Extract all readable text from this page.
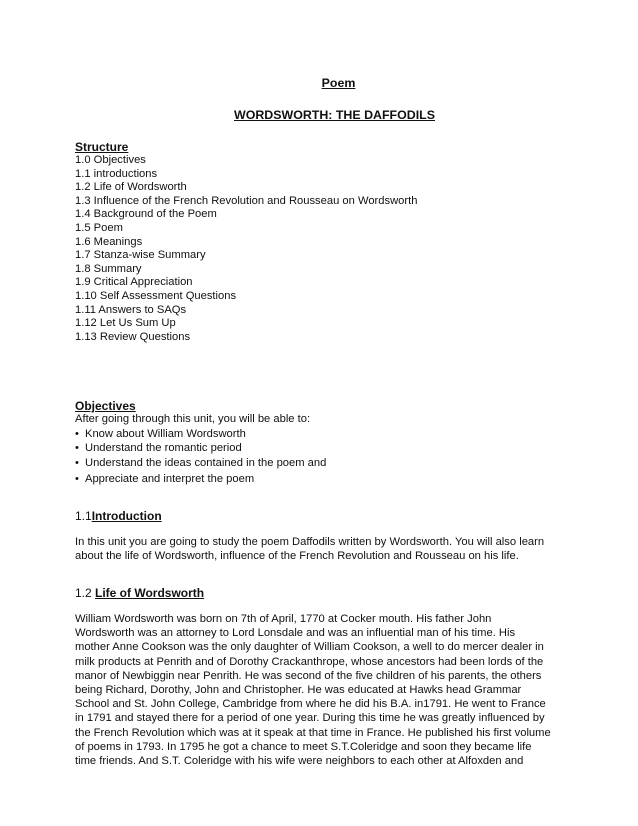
Poem

WORDSWORTH: THE DAFFODILS

Structure

1.0 Objectives
1.1 introductions
1.2 Life of Wordsworth
1.3 Influence of the French Revolution and Rousseau on Wordsworth
1.4 Background of the Poem
1.5 Poem
1.6 Meanings
1.7 Stanza-wise Summary
1.8 Summary
1.9 Critical Appreciation
1.10 Self Assessment Questions
1.11 Answers to SAQs
1.12 Let Us Sum Up
1.13 Review Questions

Objectives

After going through this unit, you will be able to:

• Know about William Wordsworth
• Understand the romantic period
• Understand the ideas contained in the poem and
• Appreciate and interpret the poem

1.1Introduction

In this unit you are going to study the poem Daffodils written by Wordsworth. You will also learn

about the life of Wordsworth, influence of the French Revolution and Rousseau on his life.

1.2 Life of Wordsworth

William Wordsworth was born on 7th of April, 1770 at Cocker mouth. His father John

Wordsworth was an attorney to Lord Lonsdale and was an influential man of his time. His

mother Anne Cookson was the only daughter of William Cookson, a well to do mercer dealer in

milk products at Penrith and of Dorothy Crackanthrope, whose ancestors had been lords of the

manor of Newbiggin near Penrith. He was second of the five children of his parents, the others

being Richard, Dorothy, John and Christopher. He was educated at Hawks head Grammar

School and St. John College, Cambridge from where he did his B.A. in1791. He went to France

in 1791 and stayed there for a period of one year. During this time he was greatly influenced by

the French Revolution which was at it speak at that time in France. He published his first volume

of poems in 1793. In 1795 he got a chance to meet S.T.Coleridge and soon they became life

time friends. And S.T. Coleridge with his wife were neighbors to each other at Alfoxden and
